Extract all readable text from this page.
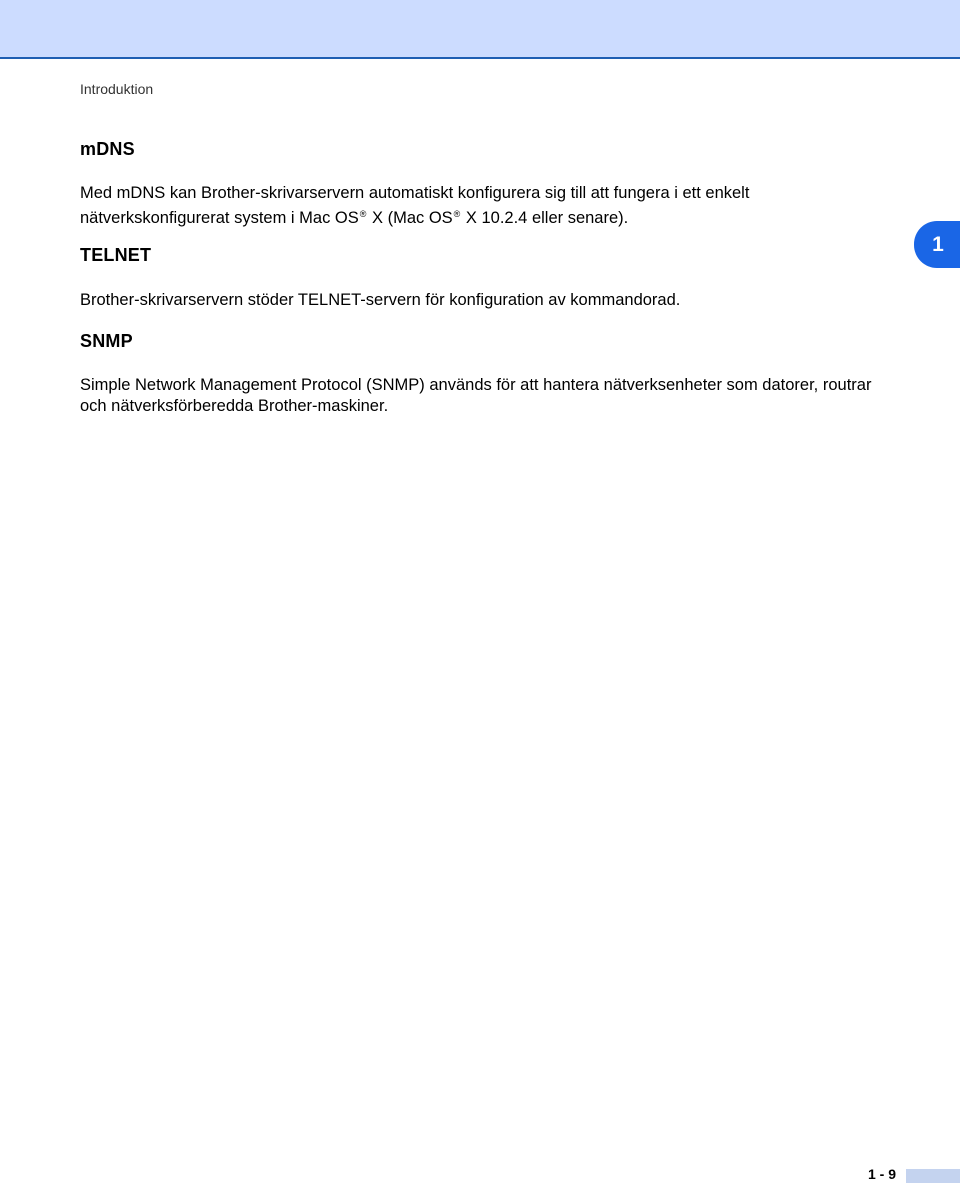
Introduktion

mDNS
Med mDNS kan Brother-skrivarservern automatiskt konfigurera sig till att fungera i ett enkelt
nätverkskonfigurerat system i Mac OS® X (Mac OS® X 10.2.4 eller senare).
TELNET

Brother-skrivarservern stöder TELNET-servern för konfiguration av kommandorad.

SNMP
Simple Network Management Protocol (SNMP) används för att hantera nätverksenheter som datorer, routrar
och nätverksförberedda Brother-maskiner.
1
1 - 9
